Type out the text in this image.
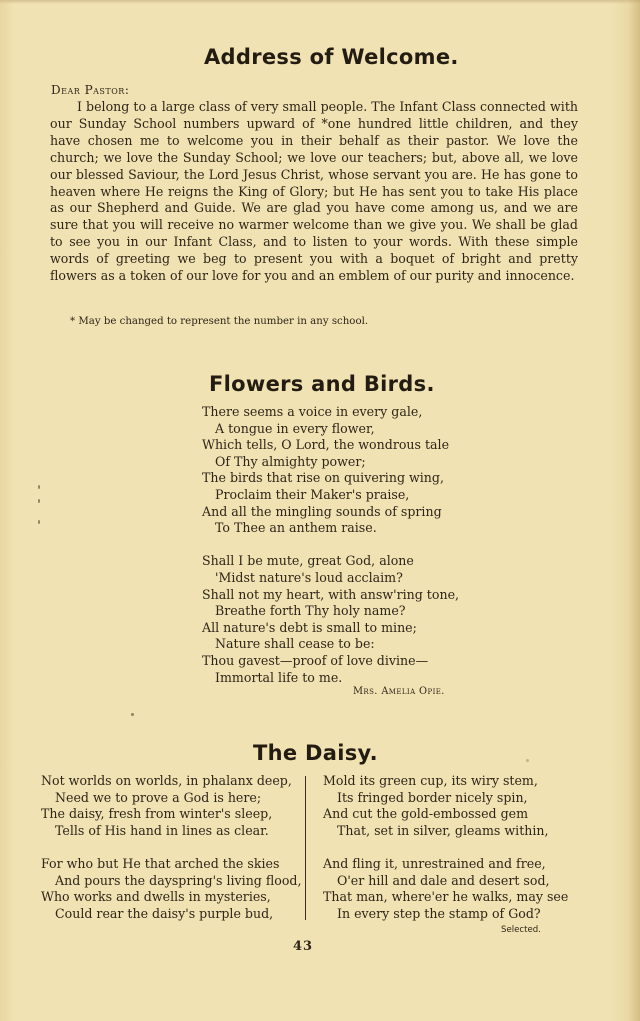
Address of Welcome.
Dear Pastor:

I belong to a large class of very small people. The Infant Class connected with our Sunday School numbers upward of *one hundred little children, and they have chosen me to welcome you in their behalf as their pastor. We love the church; we love the Sunday School; we love our teachers; but, above all, we love our blessed Saviour, the Lord Jesus Christ, whose servant you are. He has gone to heaven where He reigns the King of Glory; but He has sent you to take His place as our Shepherd and Guide. We are glad you have come among us, and we are sure that you will receive no warmer welcome than we give you. We shall be glad to see you in our Infant Class, and to listen to your words. With these simple words of greeting we beg to present you with a boquet of bright and pretty flowers as a token of our love for you and an emblem of our purity and innocence.

* May be changed to represent the number in any school.
Flowers and Birds.
There seems a voice in every gale,
A tongue in every flower,
Which tells, O Lord, the wondrous tale
Of Thy almighty power;
The birds that rise on quivering wing,
Proclaim their Maker's praise,
And all the mingling sounds of spring
To Thee an anthem raise.
Shall I be mute, great God, alone
'Midst nature's loud acclaim?
Shall not my heart, with answ'ring tone,
Breathe forth Thy holy name?
All nature's debt is small to mine;
Nature shall cease to be:
Thou gavest—proof of love divine—
Immortal life to me.
Mrs. Amelia Opie.
The Daisy.
Not worlds on worlds, in phalanx deep,
Need we to prove a God is here;
The daisy, fresh from winter's sleep,
Tells of His hand in lines as clear.
For who but He that arched the skies
And pours the dayspring's living flood,
Who works and dwells in mysteries,
Could rear the daisy's purple bud,
Mold its green cup, its wiry stem,
Its fringed border nicely spin,
And cut the gold-embossed gem
That, set in silver, gleams within,
And fling it, unrestrained and free,
O'er hill and dale and desert sod,
That man, where'er he walks, may see
In every step the stamp of God?
Selected.
43
